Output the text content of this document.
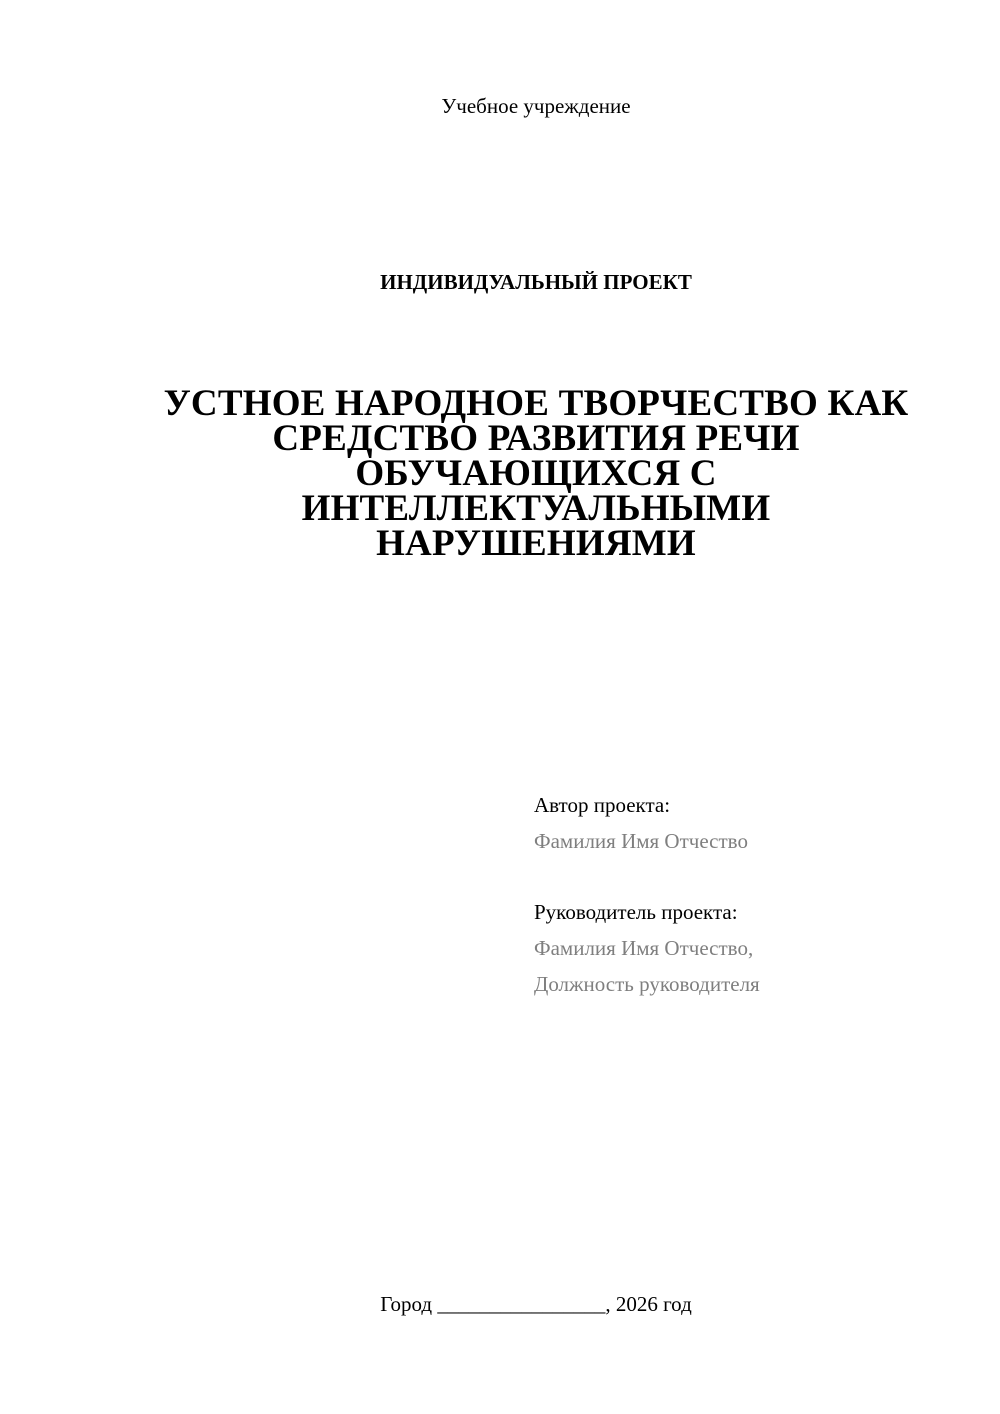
Учебное учреждение
ИНДИВИДУАЛЬНЫЙ ПРОЕКТ
УСТНОЕ НАРОДНОЕ ТВОРЧЕСТВО КАК
СРЕДСТВО РАЗВИТИЯ РЕЧИ
ОБУЧАЮЩИХСЯ С
ИНТЕЛЛЕКТУАЛЬНЫМИ
НАРУШЕНИЯМИ
Автор проекта:
Фамилия Имя Отчество
Руководитель проекта:
Фамилия Имя Отчество,
Должность руководителя
Город ________________, 2026 год
